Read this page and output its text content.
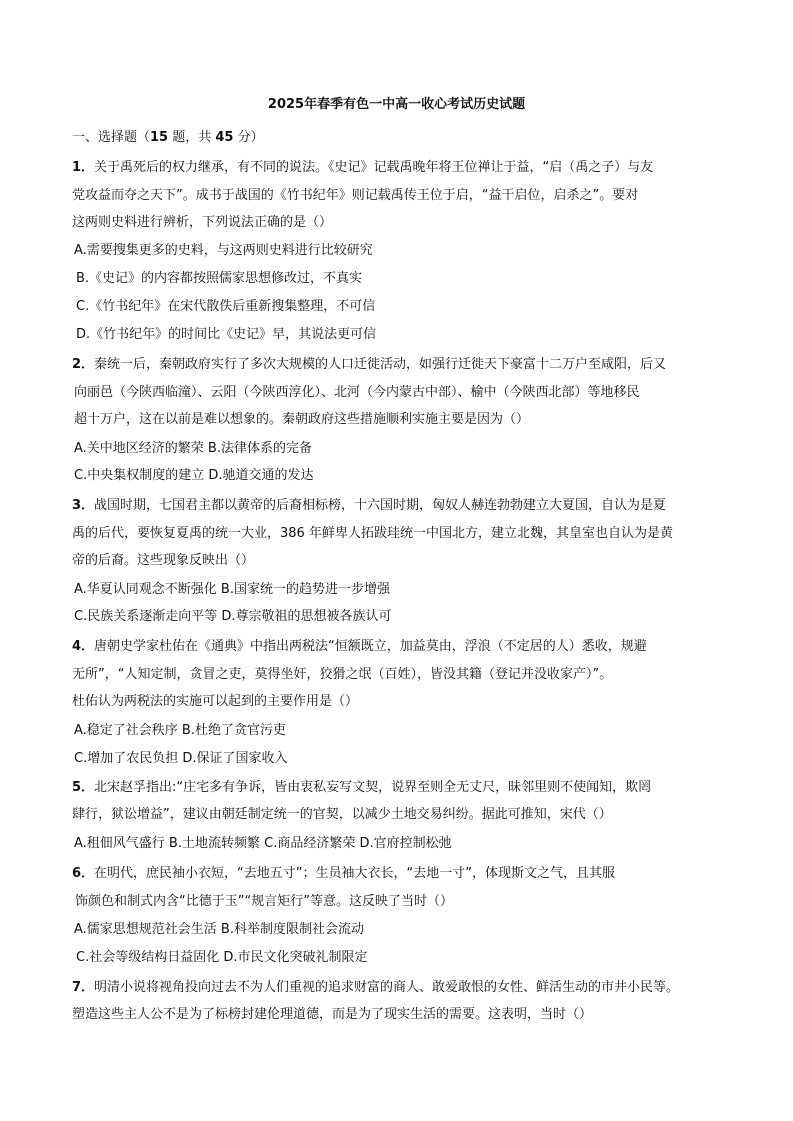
2025年春季有色一中高一收心考试历史试题
一、选择题（15 题，共 45 分）
1．关于禹死后的权力继承，有不同的说法。《史记》记载禹晚年将王位禅让于益，“启（禹之子）与友
党攻益而夺之天下”。成书于战国的《竹书纪年》则记载禹传王位于启，“益干启位，启杀之”。要对
这两则史料进行辨析，下列说法正确的是（）
A.需要搜集更多的史料，与这两则史料进行比较研究
B.《史记》的内容都按照儒家思想修改过，不真实
C.《竹书纪年》在宋代散佚后重新搜集整理，不可信
D.《竹书纪年》的时间比《史记》早，其说法更可信
2．秦统一后，秦朝政府实行了多次大规模的人口迁徙活动，如强行迁徙天下豪富十二万户至咸阳，后又
向丽邑（今陕西临潼）、云阳（今陕西淳化）、北河（今内蒙古中部）、榆中（今陕西北部）等地移民
超十万户，这在以前是难以想象的。秦朝政府这些措施顺利实施主要是因为（）
A.关中地区经济的繁荣 B.法律体系的完备
C.中央集权制度的建立 D.驰道交通的发达
3．战国时期，七国君主都以黄帝的后裔相标榜，十六国时期，匈奴人赫连勃勃建立大夏国，自认为是夏
禹的后代，要恢复夏禹的统一大业，386 年鲜卑人拓跋珪统一中国北方，建立北魏，其皇室也自认为是黄
帝的后裔。这些现象反映出（）
A.华夏认同观念不断强化 B.国家统一的趋势进一步增强
C.民族关系逐渐走向平等 D.尊宗敬祖的思想被各族认可
4．唐朝史学家杜佑在《通典》中指出两税法“恒额既立，加益莫由，浮浪（不定居的人）悉收，规避
无所”，“人知定制，贪冒之吏，莫得坐奸，狡猾之氓（百姓），皆没其籍（登记并没收家产）”。
杜佑认为两税法的实施可以起到的主要作用是（）
A.稳定了社会秩序 B.杜绝了贪官污吏
C.增加了农民负担 D.保证了国家收入
5．北宋赵孚指出:“庄宅多有争诉，皆由衷私妄写文契，说界至则全无丈尺，昧邻里则不使闻知，欺罔
肆行，狱讼增益”，建议由朝廷制定统一的官契，以减少土地交易纠纷。据此可推知，宋代（）
A.租佃风气盛行 B.土地流转频繁 C.商品经济繁荣 D.官府控制松弛
6．在明代，庶民袖小衣短，“去地五寸”；生员袖大衣长，“去地一寸”，体现斯文之气，且其服
饰颜色和制式内含“比德于玉”“规言矩行”等意。这反映了当时（）
A.儒家思想规范社会生活 B.科举制度限制社会流动
C.社会等级结构日益固化 D.市民文化突破礼制限定
7．明清小说将视角投向过去不为人们重视的追求财富的商人、敢爱敢恨的女性、鲜活生动的市井小民等。
塑造这些主人公不是为了标榜封建伦理道德，而是为了现实生活的需要。这表明，当时（）
